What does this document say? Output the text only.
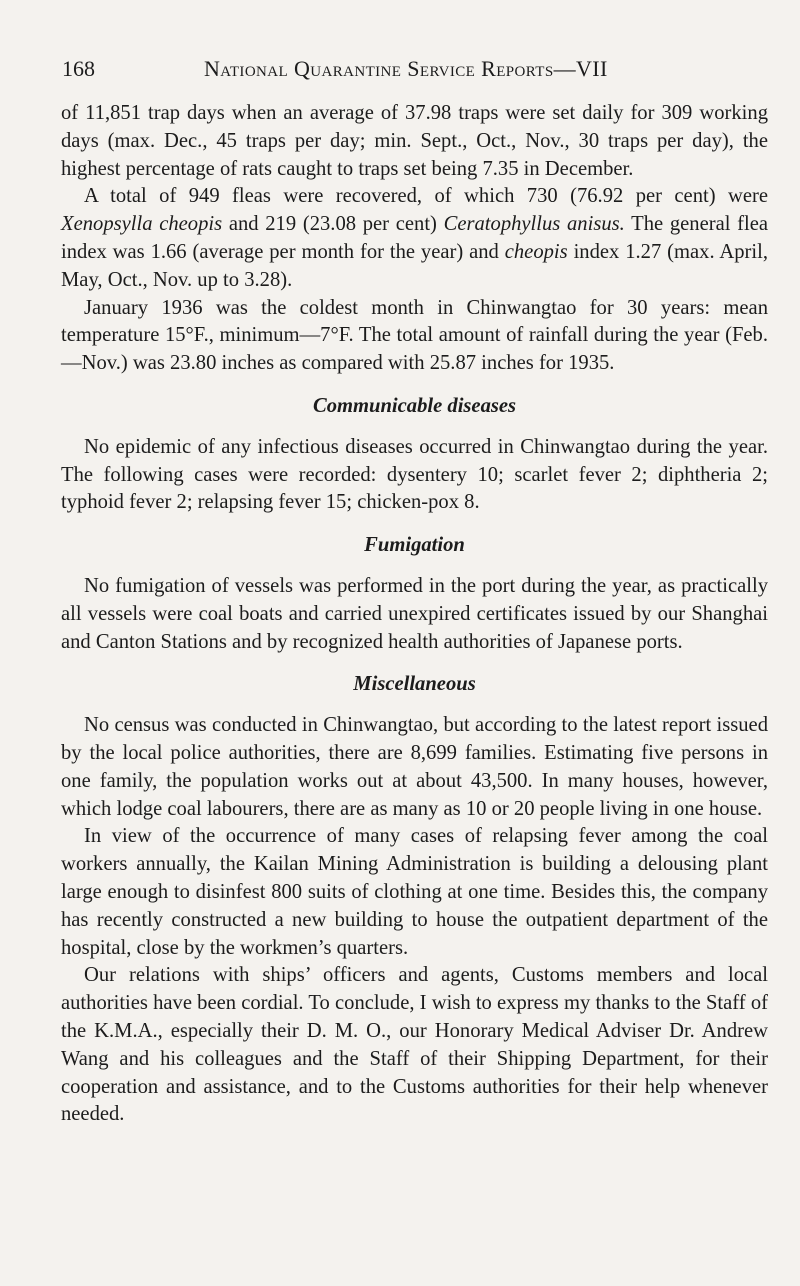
168	National Quarantine Service Reports—VII

of 11,851 trap days when an average of 37.98 traps were set daily for 309 working days (max. Dec., 45 traps per day; min. Sept., Oct., Nov., 30 traps per day), the highest percentage of rats caught to traps set being 7.35 in December.

A total of 949 fleas were recovered, of which 730 (76.92 per cent) were Xenopsylla cheopis and 219 (23.08 per cent) Ceratophyllus anisus. The general flea index was 1.66 (average per month for the year) and cheopis index 1.27 (max. April, May, Oct., Nov. up to 3.28).

January 1936 was the coldest month in Chinwangtao for 30 years: mean temperature 15°F., minimum—7°F. The total amount of rainfall during the year (Feb.—Nov.) was 23.80 inches as compared with 25.87 inches for 1935.

Communicable diseases

No epidemic of any infectious diseases occurred in Chinwangtao during the year. The following cases were recorded: dysentery 10; scarlet fever 2; diphtheria 2; typhoid fever 2; relapsing fever 15; chicken-pox 8.

Fumigation

No fumigation of vessels was performed in the port during the year, as practically all vessels were coal boats and carried unexpired certificates issued by our Shanghai and Canton Stations and by recognized health authorities of Japanese ports.

Miscellaneous

No census was conducted in Chinwangtao, but according to the latest report issued by the local police authorities, there are 8,699 families. Estimating five persons in one family, the population works out at about 43,500. In many houses, however, which lodge coal labourers, there are as many as 10 or 20 people living in one house.

In view of the occurrence of many cases of relapsing fever among the coal workers annually, the Kailan Mining Administration is building a delousing plant large enough to disinfest 800 suits of clothing at one time. Besides this, the company has recently constructed a new building to house the outpatient department of the hospital, close by the workmen’s quarters.

Our relations with ships’ officers and agents, Customs members and local authorities have been cordial. To conclude, I wish to express my thanks to the Staff of the K.M.A., especially their D. M. O., our Honorary Medical Adviser Dr. Andrew Wang and his colleagues and the Staff of their Shipping Department, for their cooperation and assistance, and to the Customs authorities for their help whenever needed.
